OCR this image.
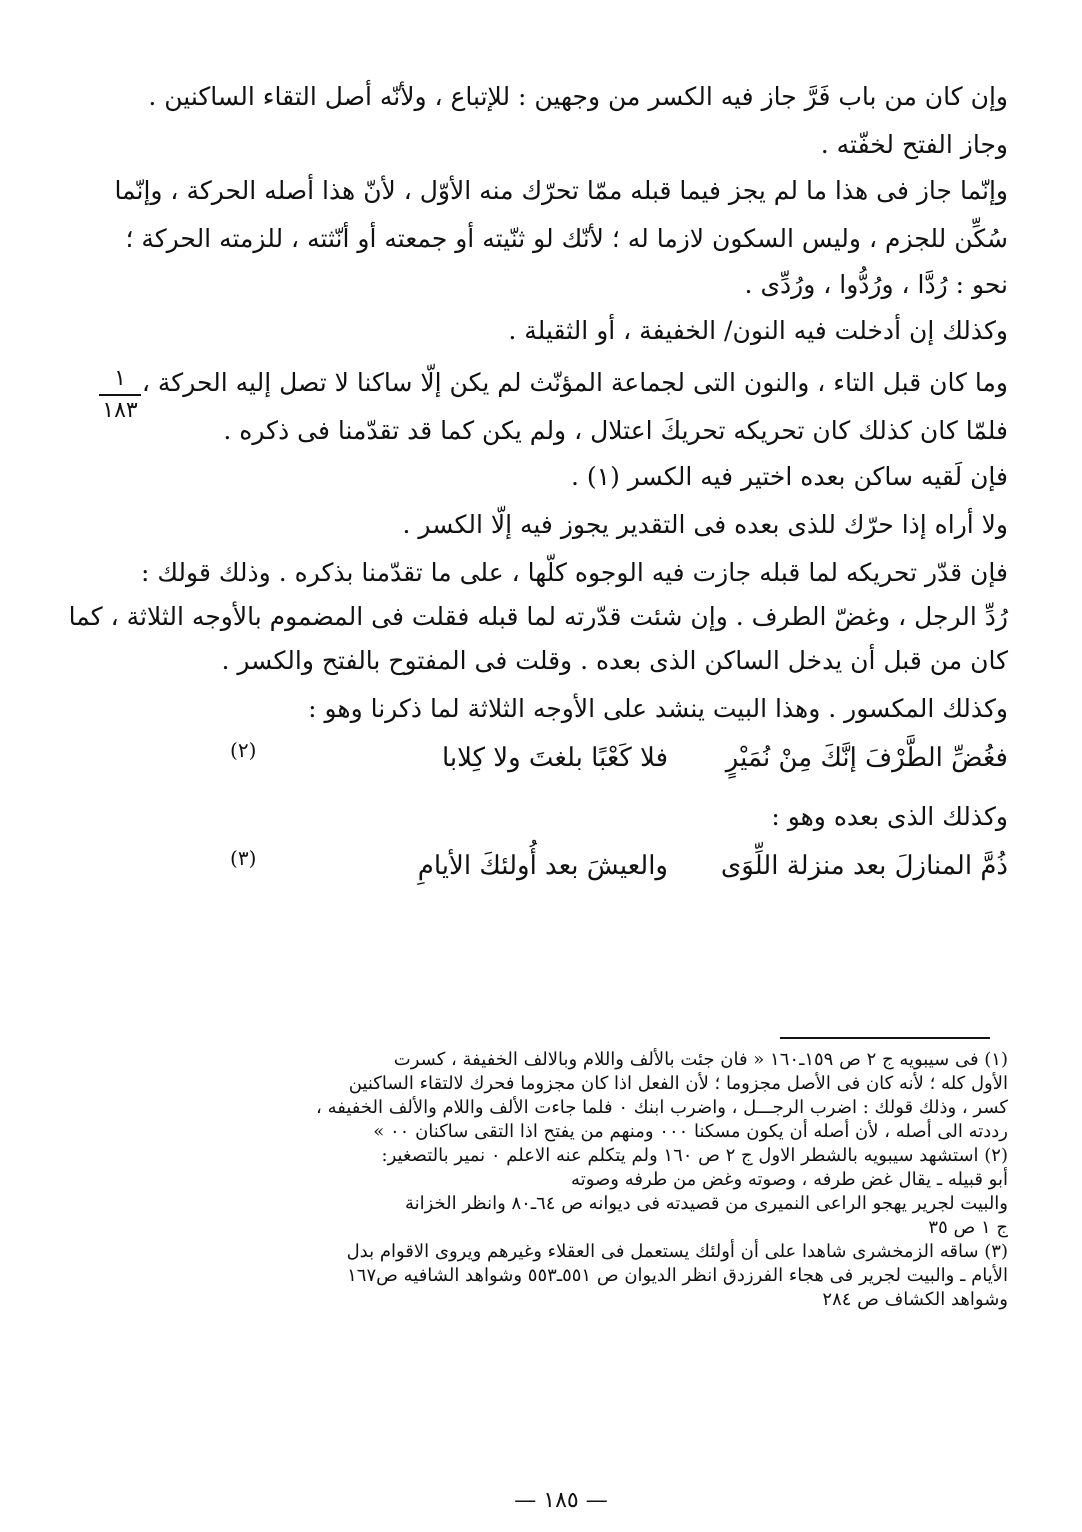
وإن كان من باب فَرَّ جاز فيه الكسر من وجهين : للإتباع ، ولأنّه أصل التقاء الساكنين .
وجاز الفتح لخفّته .
وإنّما جاز فى هذا ما لم يجز فيما قبله ممّا تحرّك منه الأوّل ، لأنّ هذا أصله الحركة ، وإنّما
سُكِّن للجزم ، وليس السكون لازما له ؛ لأنّك لو ثنّيته أو جمعته أو أنّثته ، للزمته الحركة ؛
نحو : رُدَّا ، ورُدُّوا ، ورُدِّى .
وكذلك إن أدخلت فيه النون/ الخفيفة ، أو الثقيلة .
وما كان قبل التاء ، والنون التى لجماعة المؤنّث لم يكن إلّا ساكنا لا تصل إليه الحركة ،
فلمّا كان كذلك كان تحريكه تحريكَ اعتلال ، ولم يكن كما قد تقدّمنا فى ذكره .
فإن لَقيه ساكن بعده اختير فيه الكسر (١) .
ولا أراه إذا حرّك للذى بعده فى التقدير يجوز فيه إلّا الكسر .
فإن قدّر تحريكه لما قبله جازت فيه الوجوه كلّها ، على ما تقدّمنا بذكره . وذلك قولك :
رُدِّ الرجل ، وغضّ الطرف . وإن شئت قدّرته لما قبله فقلت فى المضموم بالأوجه الثلاثة ، كما
كان من قبل أن يدخل الساكن الذى بعده . وقلت فى المفتوح بالفتح والكسر .
وكذلك المكسور . وهذا البيت ينشد على الأوجه الثلاثة لما ذكرنا وهو :
فغُضِّ الطَّرْفَ إنَّكَ مِنْ نُمَيْرٍ
فلا كَعْبًا بلغتَ ولا كِلابا
(٢)
وكذلك الذى بعده وهو :
ذُمَّ المنازلَ بعد منزلة اللِّوَى
والعيشَ بعد أُولئكَ الأيامِ
(٣)
١
١٨٣
(١) فى سيبويه ج ٢ ص ١٥٩ـ١٦٠ « فان جئت بالألف واللام وبالالف الخفيفة ، كسرت
الأول كله ؛ لأنه كان فى الأصل مجزوما ؛ لأن الفعل اذا كان مجزوما فحرك لالتقاء الساكنين
كسر ، وذلك قولك : اضرب الرجـــل ، واضرب ابنك ٠ فلما جاءت الألف واللام والألف الخفيفه ،
رددته الى أصله ، لأن أصله أن يكون مسكنا ٠٠٠ ومنهم من يفتح اذا التقى ساكنان ٠٠ »
(٢) استشهد سيبويه بالشطر الاول ج ٢ ص ١٦٠ ولم يتكلم عنه الاعلم ٠ نمير بالتصغير:
أبو قبيله ـ يقال غض طرفه ، وصوته وغض من طرفه وصوته
والبيت لجرير يهجو الراعى النميرى من قصيدته فى ديوانه ص ٦٤ـ٨٠ وانظر الخزانة
ج ١ ص ٣٥
(٣) ساقه الزمخشرى شاهدا على أن أولئك يستعمل فى العقلاء وغيرهم ويروى الاقوام بدل
الأيام ـ والبيت لجرير فى هجاء الفرزدق انظر الديوان ص ٥٥١ـ٥٥٣ وشواهد الشافيه ص١٦٧
وشواهد الكشاف ص ٢٨٤
— ١٨٥ —
